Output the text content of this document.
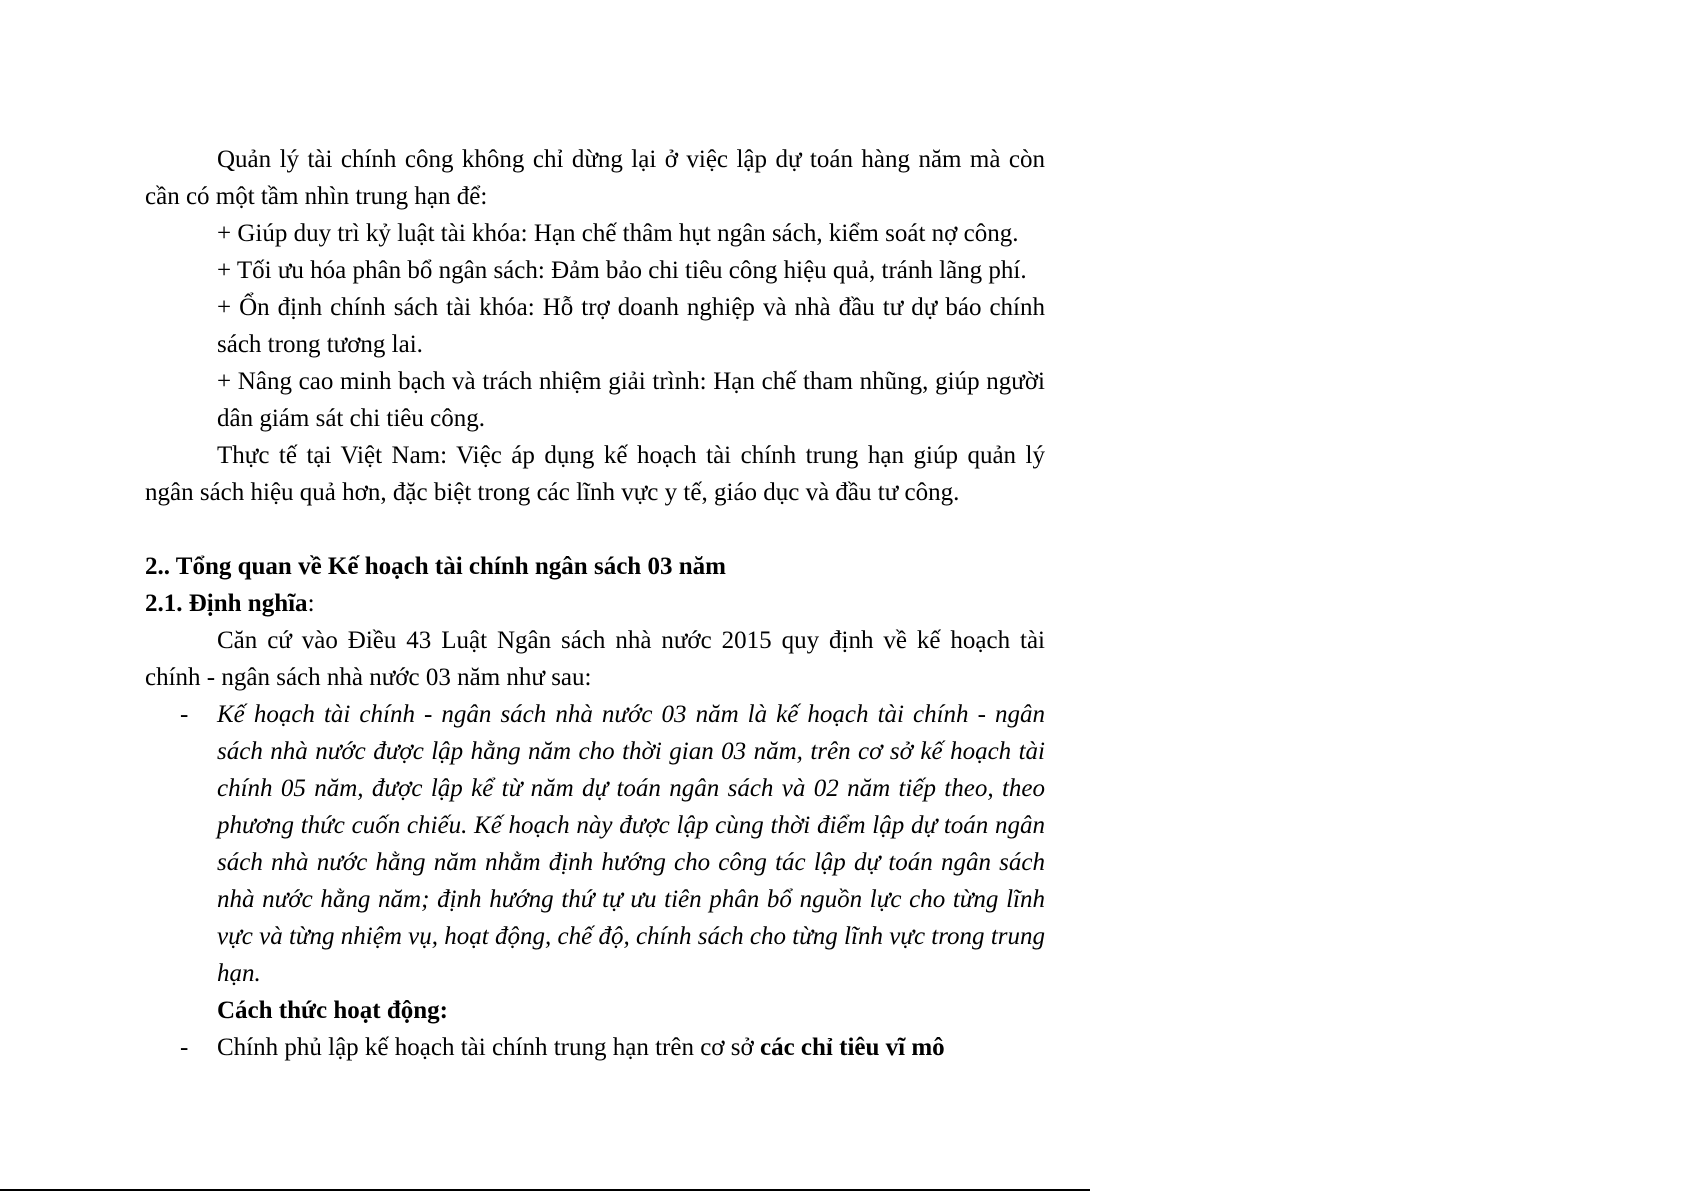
Quản lý tài chính công không chỉ dừng lại ở việc lập dự toán hàng năm mà còn cần có một tầm nhìn trung hạn để:

+ Giúp duy trì kỷ luật tài khóa: Hạn chế thâm hụt ngân sách, kiểm soát nợ công.

+ Tối ưu hóa phân bổ ngân sách: Đảm bảo chi tiêu công hiệu quả, tránh lãng phí.

+ Ổn định chính sách tài khóa: Hỗ trợ doanh nghiệp và nhà đầu tư dự báo chính sách trong tương lai.

+ Nâng cao minh bạch và trách nhiệm giải trình: Hạn chế tham nhũng, giúp người dân giám sát chi tiêu công.

Thực tế tại Việt Nam: Việc áp dụng kế hoạch tài chính trung hạn giúp quản lý ngân sách hiệu quả hơn, đặc biệt trong các lĩnh vực y tế, giáo dục và đầu tư công.

2.. Tổng quan về Kế hoạch tài chính ngân sách 03 năm

2.1. Định nghĩa:

Căn cứ vào Điều 43 Luật Ngân sách nhà nước 2015 quy định về kế hoạch tài chính - ngân sách nhà nước 03 năm như sau:

- Kế hoạch tài chính - ngân sách nhà nước 03 năm là kế hoạch tài chính - ngân sách nhà nước được lập hằng năm cho thời gian 03 năm, trên cơ sở kế hoạch tài chính 05 năm, được lập kể từ năm dự toán ngân sách và 02 năm tiếp theo, theo phương thức cuốn chiếu. Kế hoạch này được lập cùng thời điểm lập dự toán ngân sách nhà nước hằng năm nhằm định hướng cho công tác lập dự toán ngân sách nhà nước hằng năm; định hướng thứ tự ưu tiên phân bổ nguồn lực cho từng lĩnh vực và từng nhiệm vụ, hoạt động, chế độ, chính sách cho từng lĩnh vực trong trung hạn.

Cách thức hoạt động:

- Chính phủ lập kế hoạch tài chính trung hạn trên cơ sở các chỉ tiêu vĩ mô
